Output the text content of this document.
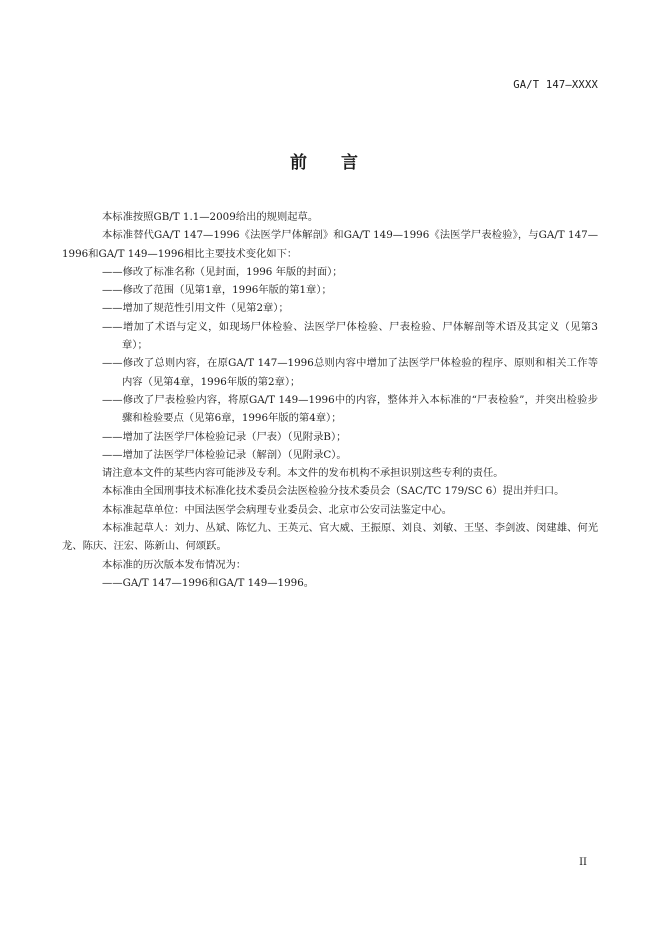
GA/T 147—XXXX
前 言

本标准按照GB/T 1.1—2009给出的规则起草。

本标准替代GA/T 147—1996《法医学尸体解剖》和GA/T 149—1996《法医学尸表检验》，与GA/T 147—1996和GA/T 149—1996相比主要技术变化如下：

——修改了标准名称（见封面，1996 年版的封面）；

——修改了范围（见第1章，1996年版的第1章）；

——增加了规范性引用文件（见第2章）；

——增加了术语与定义，如现场尸体检验、法医学尸体检验、尸表检验、尸体解剖等术语及其定义（见第3章）；

——修改了总则内容，在原GA/T 147—1996总则内容中增加了法医学尸体检验的程序、原则和相关工作等内容（见第4章，1996年版的第2章）；

——修改了尸表检验内容，将原GA/T 149—1996中的内容，整体并入本标准的“尸表检验”，并突出检验步骤和检验要点（见第6章，1996年版的第4章）；

——增加了法医学尸体检验记录（尸表）（见附录B）；

——增加了法医学尸体检验记录（解剖）（见附录C）。

请注意本文件的某些内容可能涉及专利。本文件的发布机构不承担识别这些专利的责任。

本标准由全国刑事技术标准化技术委员会法医检验分技术委员会（SAC/TC 179/SC 6）提出并归口。

本标准起草单位：中国法医学会病理专业委员会、北京市公安司法鉴定中心。

本标准起草人：刘力、丛斌、陈忆九、王英元、官大威、王振原、刘良、刘敏、王坚、李剑波、闵建雄、何光龙、陈庆、汪宏、陈新山、何颂跃。

本标准的历次版本发布情况为：

——GA/T 147—1996和GA/T 149—1996。

II
